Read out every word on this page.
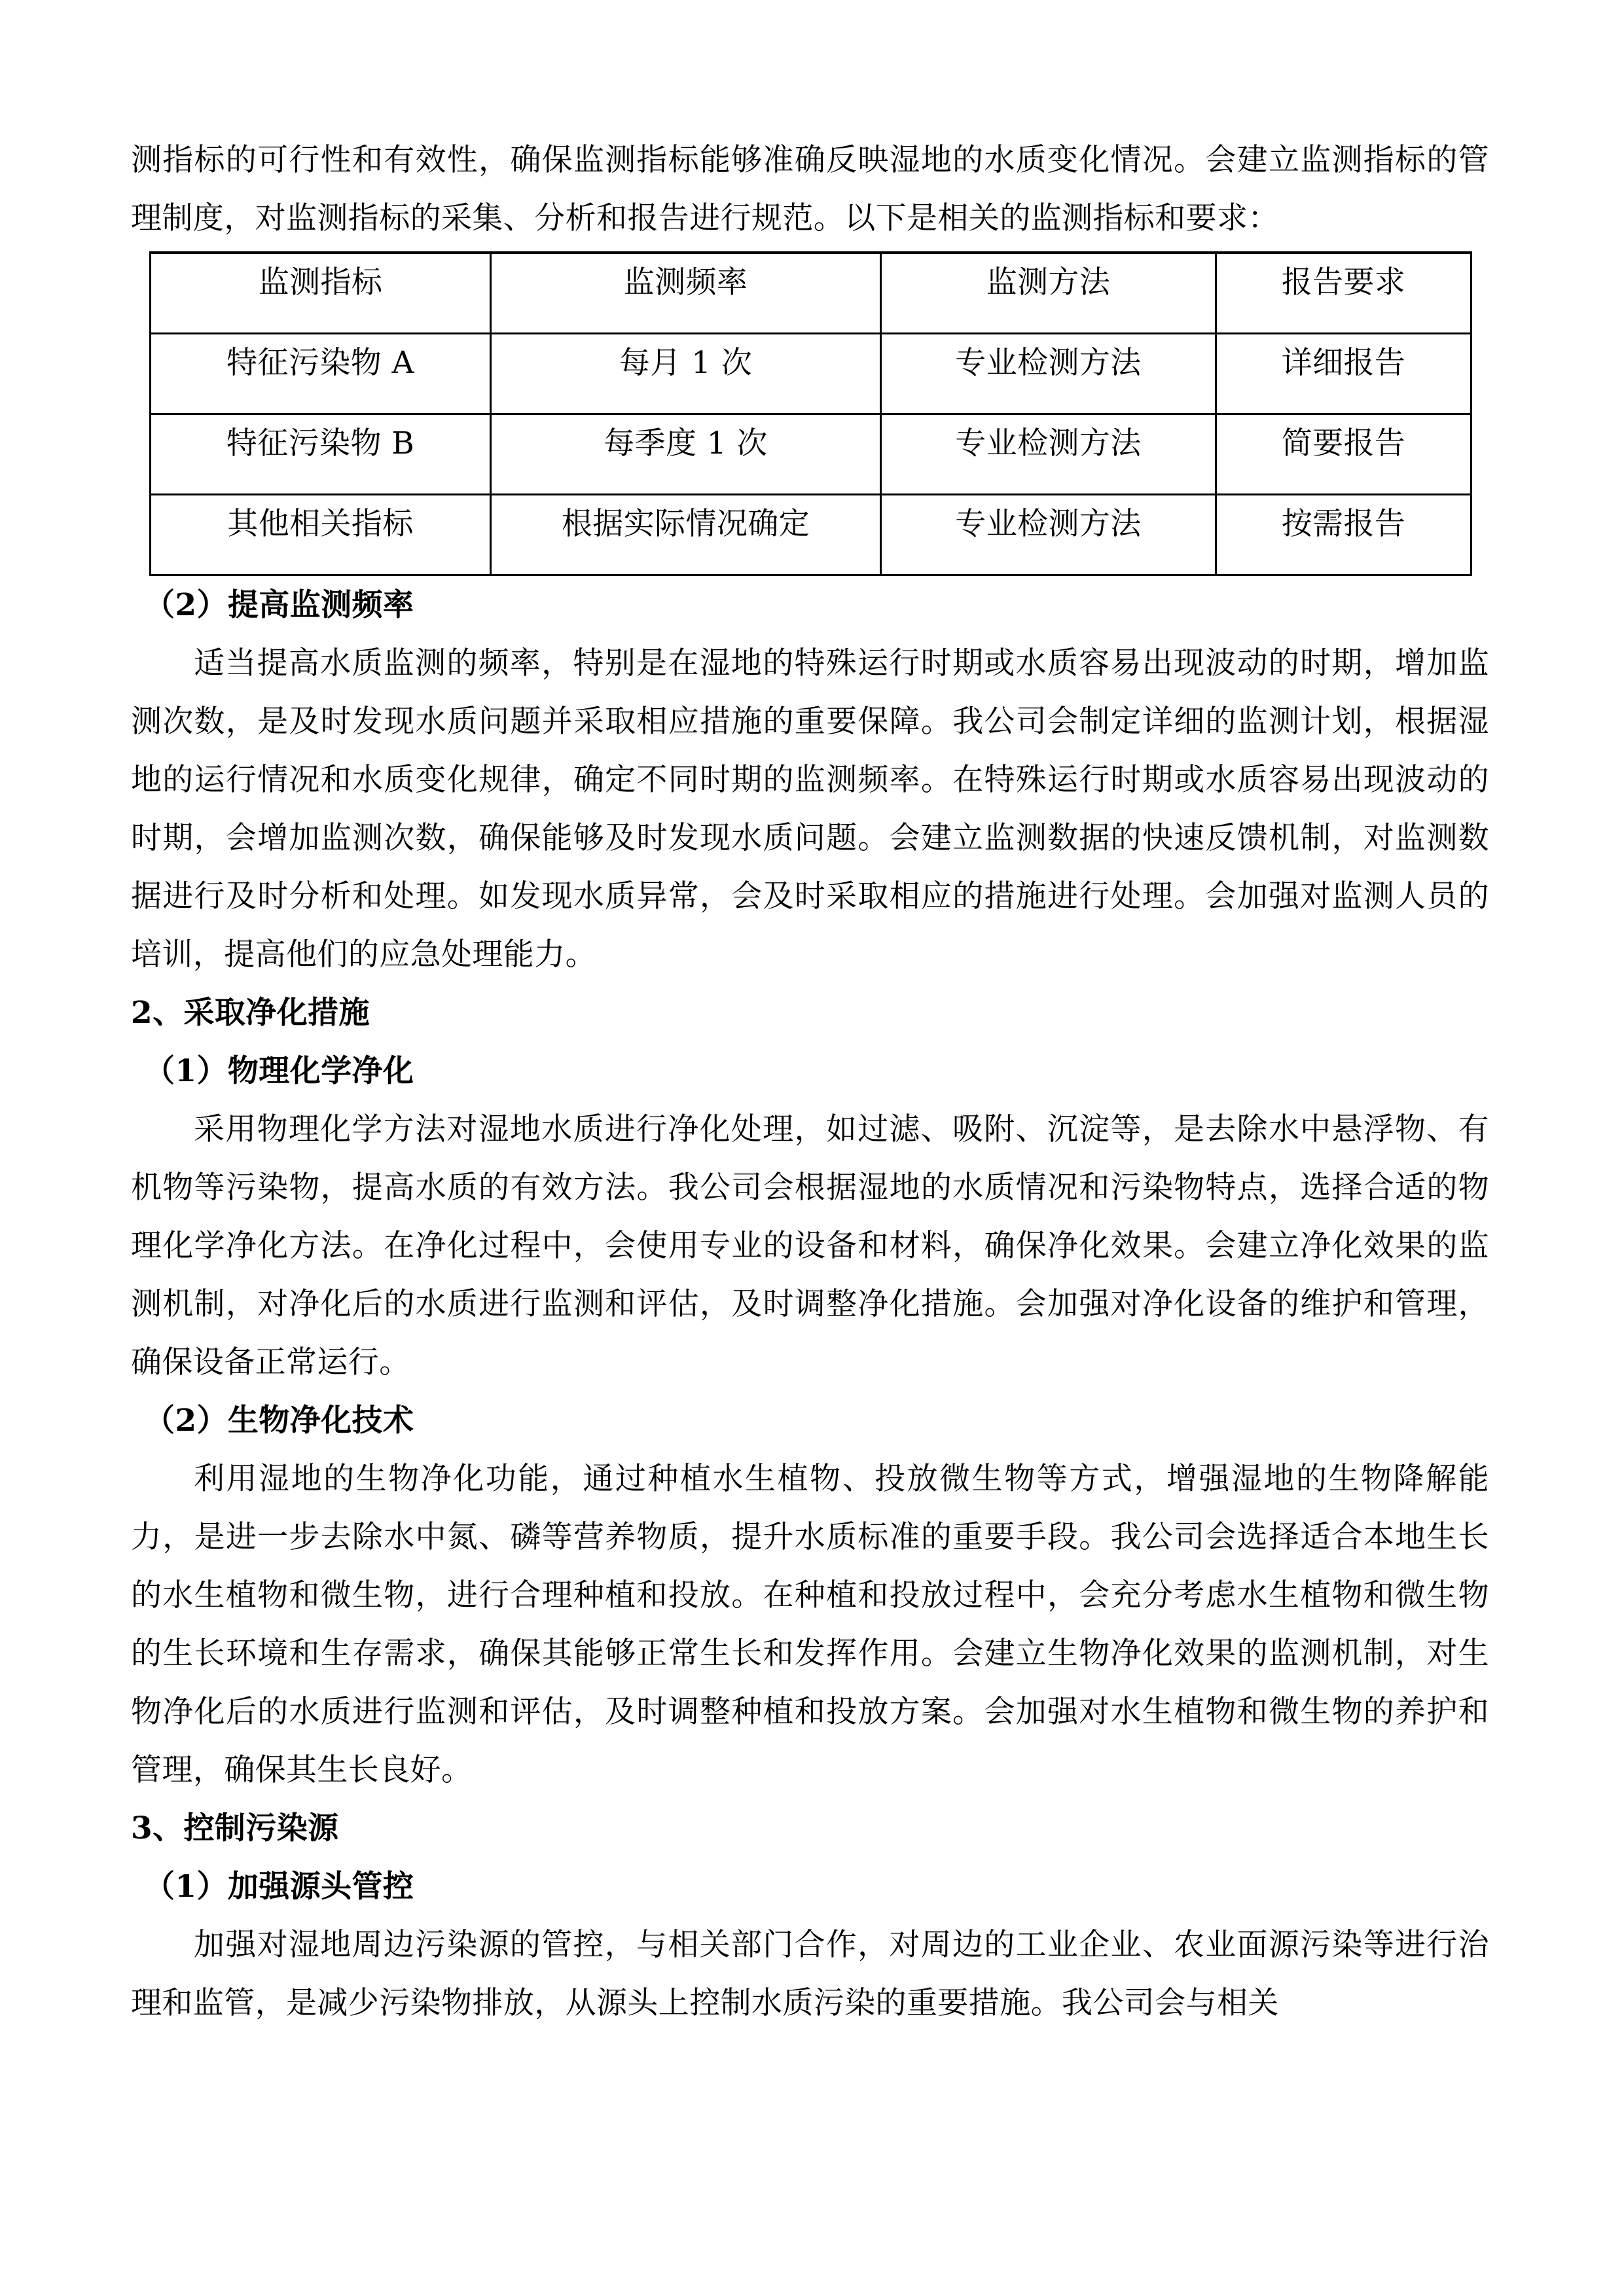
测指标的可行性和有效性，确保监测指标能够准确反映湿地的水质变化情况。会建立监测指标的管理制度，对监测指标的采集、分析和报告进行规范。以下是相关的监测指标和要求：

监测指标	监测频率	监测方法	报告要求
特征污染物 A	每月 1 次	专业检测方法	详细报告
特征污染物 B	每季度 1 次	专业检测方法	简要报告
其他相关指标	根据实际情况确定	专业检测方法	按需报告
（2）提高监测频率

适当提高水质监测的频率，特别是在湿地的特殊运行时期或水质容易出现波动的时期，增加监测次数，是及时发现水质问题并采取相应措施的重要保障。我公司会制定详细的监测计划，根据湿地的运行情况和水质变化规律，确定不同时期的监测频率。在特殊运行时期或水质容易出现波动的时期，会增加监测次数，确保能够及时发现水质问题。会建立监测数据的快速反馈机制，对监测数据进行及时分析和处理。如发现水质异常，会及时采取相应的措施进行处理。会加强对监测人员的培训，提高他们的应急处理能力。

2、采取净化措施
（1）物理化学净化

采用物理化学方法对湿地水质进行净化处理，如过滤、吸附、沉淀等，是去除水中悬浮物、有机物等污染物，提高水质的有效方法。我公司会根据湿地的水质情况和污染物特点，选择合适的物理化学净化方法。在净化过程中，会使用专业的设备和材料，确保净化效果。会建立净化效果的监测机制，对净化后的水质进行监测和评估，及时调整净化措施。会加强对净化设备的维护和管理，确保设备正常运行。

（2）生物净化技术

利用湿地的生物净化功能，通过种植水生植物、投放微生物等方式，增强湿地的生物降解能力，是进一步去除水中氮、磷等营养物质，提升水质标准的重要手段。我公司会选择适合本地生长的水生植物和微生物，进行合理种植和投放。在种植和投放过程中，会充分考虑水生植物和微生物的生长环境和生存需求，确保其能够正常生长和发挥作用。会建立生物净化效果的监测机制，对生物净化后的水质进行监测和评估，及时调整种植和投放方案。会加强对水生植物和微生物的养护和管理，确保其生长良好。

3、控制污染源
（1）加强源头管控

加强对湿地周边污染源的管控，与相关部门合作，对周边的工业企业、农业面源污染等进行治理和监管，是减少污染物排放，从源头上控制水质污染的重要措施。我公司会与相关
